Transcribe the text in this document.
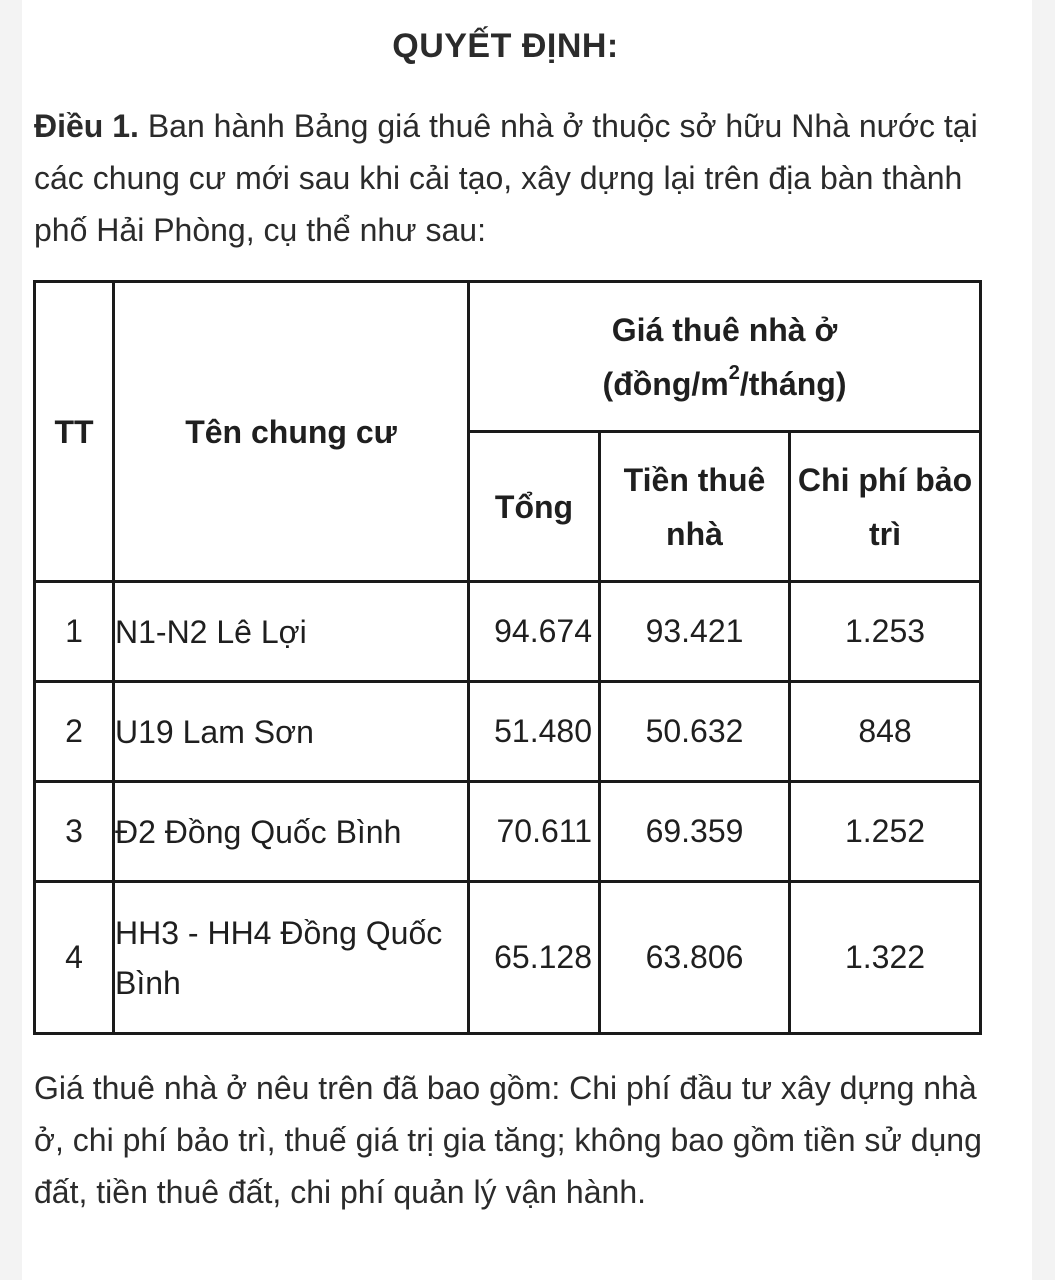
QUYẾT ĐỊNH:
Điều 1. Ban hành Bảng giá thuê nhà ở thuộc sở hữu Nhà nước tại các chung cư mới sau khi cải tạo, xây dựng lại trên địa bàn thành phố Hải Phòng, cụ thể như sau:
TT	Tên chung cư	Giá thuê nhà ở
$(đồng/m^2/tháng)$		
		Tổng	Tiền thuê nhà	Chi phí bảo trì
1	N1-N2 Lê Lợi	94.674	93.421	1.253
2	U19 Lam Sơn	51.480	50.632	848
3	Đ2 Đồng Quốc Bình	70.611	69.359	1.252
4	HH3 - HH4 Đồng Quốc Bình	65.128	63.806	1.322
Giá thuê nhà ở nêu trên đã bao gồm: Chi phí đầu tư xây dựng nhà ở, chi phí bảo trì, thuế giá trị gia tăng; không bao gồm tiền sử dụng đất, tiền thuê đất, chi phí quản lý vận hành.
